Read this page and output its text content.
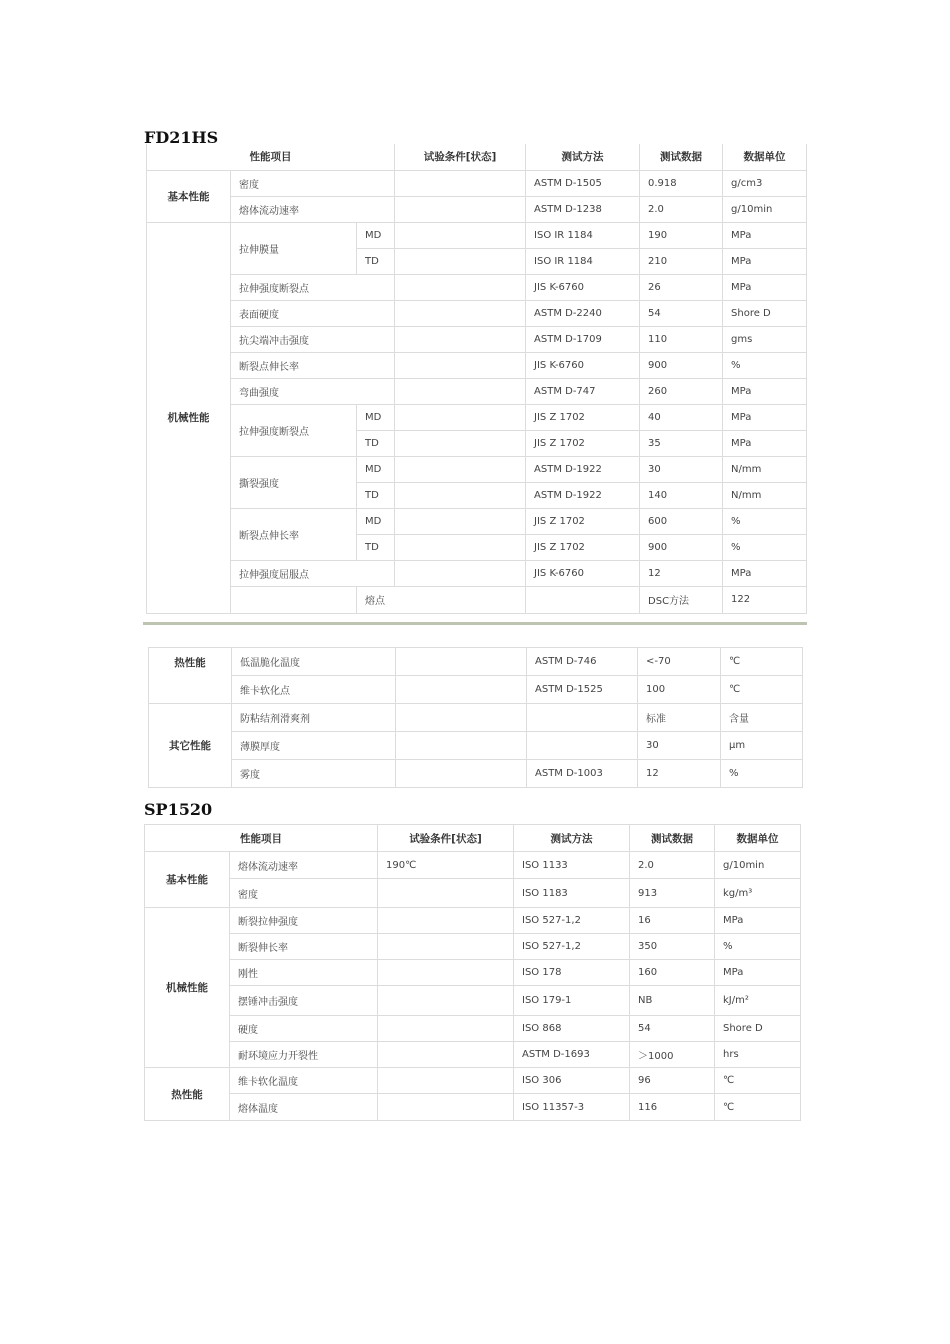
FD21HS
性能项目			试验条件[状态]	测试方法	测试数据	数据单位	
基本性能	密度			ASTM D-1505	0.918	g/cm3	
	熔体流动速率			ASTM D-1238	2.0	g/10min	
机械性能	拉伸膜量	MD		ISO IR 1184	190	MPa	
		TD		ISO IR 1184	210	MPa	
	拉伸强度断裂点			JIS K-6760	26	MPa	
	表面硬度			ASTM D-2240	54	Shore D	
	抗尖端冲击强度			ASTM D-1709	110	gms	
	断裂点伸长率			JIS K-6760	900	%	
	弯曲强度			ASTM D-747	260	MPa	
	拉伸强度断裂点	MD		JIS Z 1702	40	MPa	
		TD		JIS Z 1702	35	MPa	
	撕裂强度	MD		ASTM D-1922	30	N/mm	
		TD		ASTM D-1922	140	N/mm	
	断裂点伸长率	MD		JIS Z 1702	600	%	
		TD		JIS Z 1702	900	%	
	拉伸强度屈服点			JIS K-6760	12	MPa	
		熔点			DSC方法	122	
热性能	低温脆化温度		ASTM D-746	<-70	℃
	维卡软化点		ASTM D-1525	100	℃
其它性能	防粘结剂滑爽剂			标准	含量
	薄膜厚度			30	μm
	雾度		ASTM D-1003	12	%
SP1520
性能项目		试验条件[状态]	测试方法	测试数据	数据单位
基本性能	熔体流动速率	190℃	ISO 1133	2.0	g/10min
	密度		ISO 1183	913	kg/m³
机械性能	断裂拉伸强度		ISO 527-1,2	16	MPa
	断裂伸长率		ISO 527-1,2	350	%
	刚性		ISO 178	160	MPa
	摆锤冲击强度		ISO 179-1	NB	kJ/m²
	硬度		ISO 868	54	Shore D
	耐环境应力开裂性		ASTM D-1693	＞1000	hrs
热性能	维卡软化温度		ISO 306	96	℃
	熔体温度		ISO 11357-3	116	℃
